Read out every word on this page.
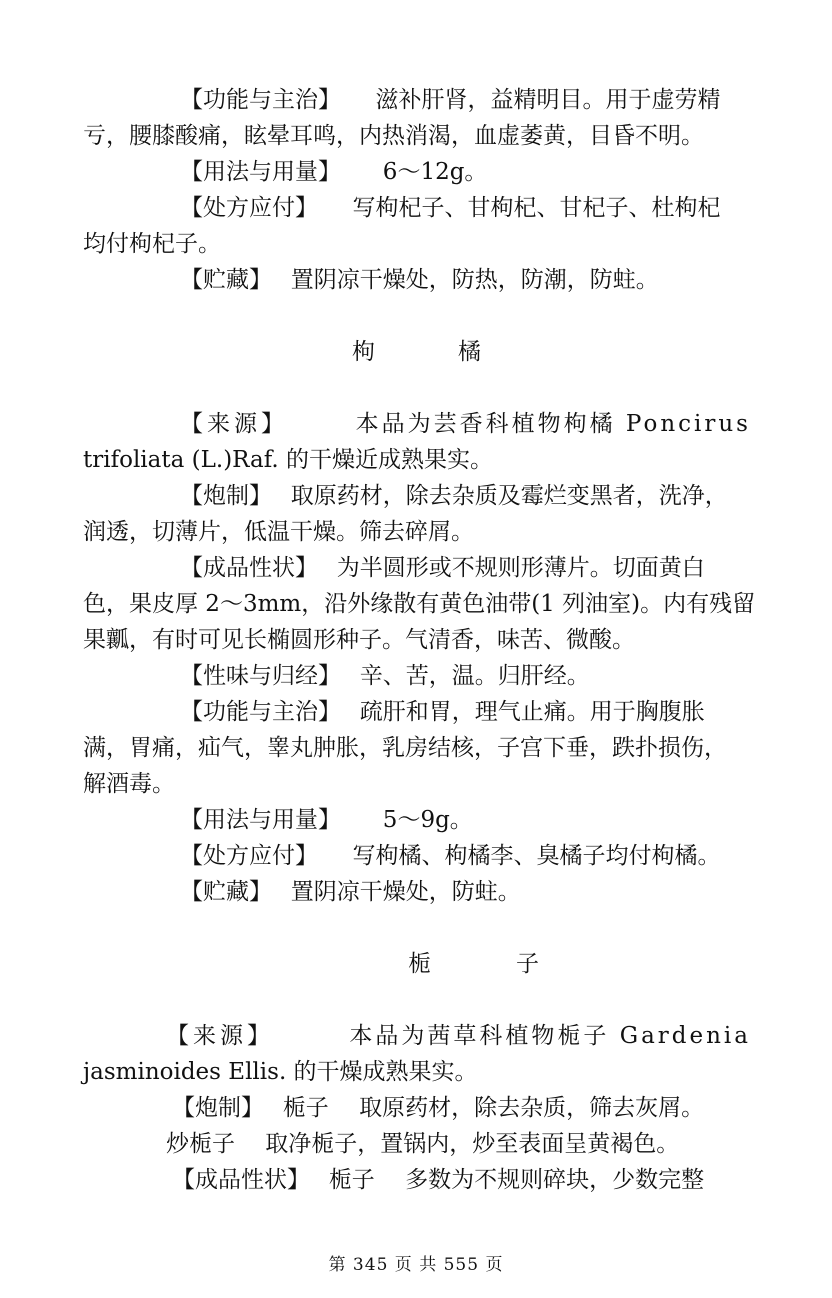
【功能与主治】　　滋补肝肾，益精明目。用于虚劳精
亏，腰膝酸痛，眩晕耳鸣，内热消渴，血虚萎黄，目昏不明。
【用法与用量】　　 6～12g。
【处方应付】　　写枸杞子、甘枸杞、甘杞子、杜枸杞
均付枸杞子。
【贮藏】　 置阴凉干燥处，防热，防潮，防蛀。
枸	橘
【来源】	本品为芸香科植物枸橘 Poncirus
trifoliata (L.)Raf. 的干燥近成熟果实。
【炮制】　 取原药材，除去杂质及霉烂变黑者，洗净，
润透，切薄片，低温干燥。筛去碎屑。
【成品性状】　 为半圆形或不规则形薄片。切面黄白
色，果皮厚 2～3mm，沿外缘散有黄色油带(1 列油室)。内有残留
果瓤，有时可见长椭圆形种子。气清香，味苦、微酸。
【性味与归经】　 辛、苦，温。归肝经。
【功能与主治】　 疏肝和胃，理气止痛。用于胸腹胀
满，胃痛，疝气，睾丸肿胀，乳房结核，子宫下垂，跌扑损伤，
解酒毒。
【用法与用量】　　 5～9g。
【处方应付】　　写枸橘、枸橘李、臭橘子均付枸橘。
【贮藏】　 置阴凉干燥处，防蛀。
栀	子
【来源】	本品为茜草科植物栀子 Gardenia
jasminoides Ellis. 的干燥成熟果实。
【炮制】　 栀子　 取原药材，除去杂质，筛去灰屑。
炒栀子　 取净栀子，置锅内，炒至表面呈黄褐色。
【成品性状】　 栀子　 多数为不规则碎块，少数完整
第 345 页 共 555 页
